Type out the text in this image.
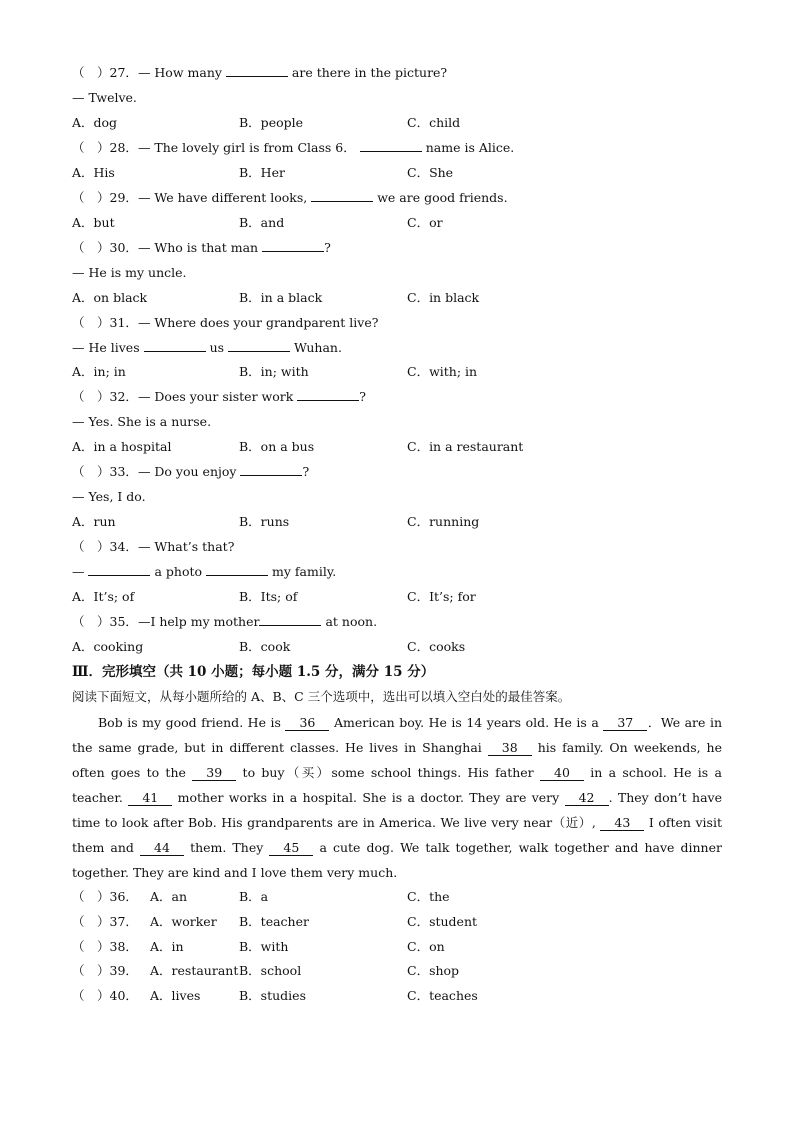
（　）27．— How many	are there in the picture?
— Twelve.
A．dog	B．people	C．child
（　）28．— The lovely girl is from Class 6．	name is Alice.
A．His	B．Her	C．She
（　）29．— We have different looks,	we are good friends.
A．but	B．and	C．or
（　）30．— Who is that man	?
— He is my uncle.
A．on black	B．in a black	C．in black
（　）31．— Where does your grandparent live?
— He lives	us	Wuhan.
A．in; in	B．in; with	C．with; in
（　）32．— Does your sister work	?
— Yes. She is a nurse.
A．in a hospital	B．on a bus	C．in a restaurant
（　）33．— Do you enjoy	?
— Yes, I do.
A．run	B．runs	C．running
（　）34．— What’s that?
—	a photo	my family.
A．It’s; of	B．Its; of	C．It’s; for
（　）35．—I help my mother	at noon.
A．cooking	B．cook	C．cooks
Ⅲ．完形填空（共 10 小题；每小题 1.5 分，满分 15 分）
阅读下面短文，从每小题所给的 A、B、C 三个选项中，选出可以填入空白处的最佳答案。
Bob is my good friend. He is 36 American boy. He is 14 years old. He is a 37 ．We are in the same grade, but in different classes. He lives in Shanghai 38 his family. On weekends, he often goes to the 39 to buy（买）some school things. His father 40 in a school. He is a teacher. 41 mother works in a hospital. She is a doctor. They are very 42 . They don’t have time to look after Bob. His grandparents are in America. We live very near（近）, 43 I often visit them and 44 them. They 45 a cute dog. We talk together, walk together and have dinner together. They are kind and I love them very much.
（　）36． A．an	B．a	C．the
（　）37． A．worker B．teacher	C．student
（　）38． A．in	B．with	C．on
（　）39． A．restaurant B．school	C．shop
（　）40． A．lives	B．studies	C．teaches
